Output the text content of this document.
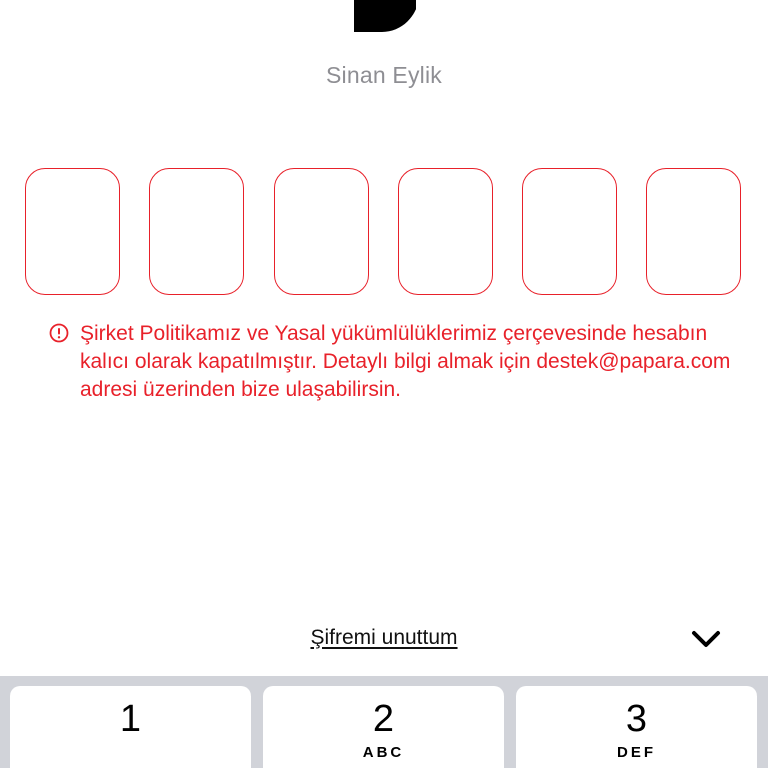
Sinan Eylik
Şirket Politikamız ve Yasal yükümlülüklerimiz çerçevesinde hesabın kalıcı olarak kapatılmıştır. Detaylı bilgi almak için destek@papara.com adresi üzerinden bize ulaşabilirsin.
Şifremi unuttum
1	2
ABC
3
DEF
